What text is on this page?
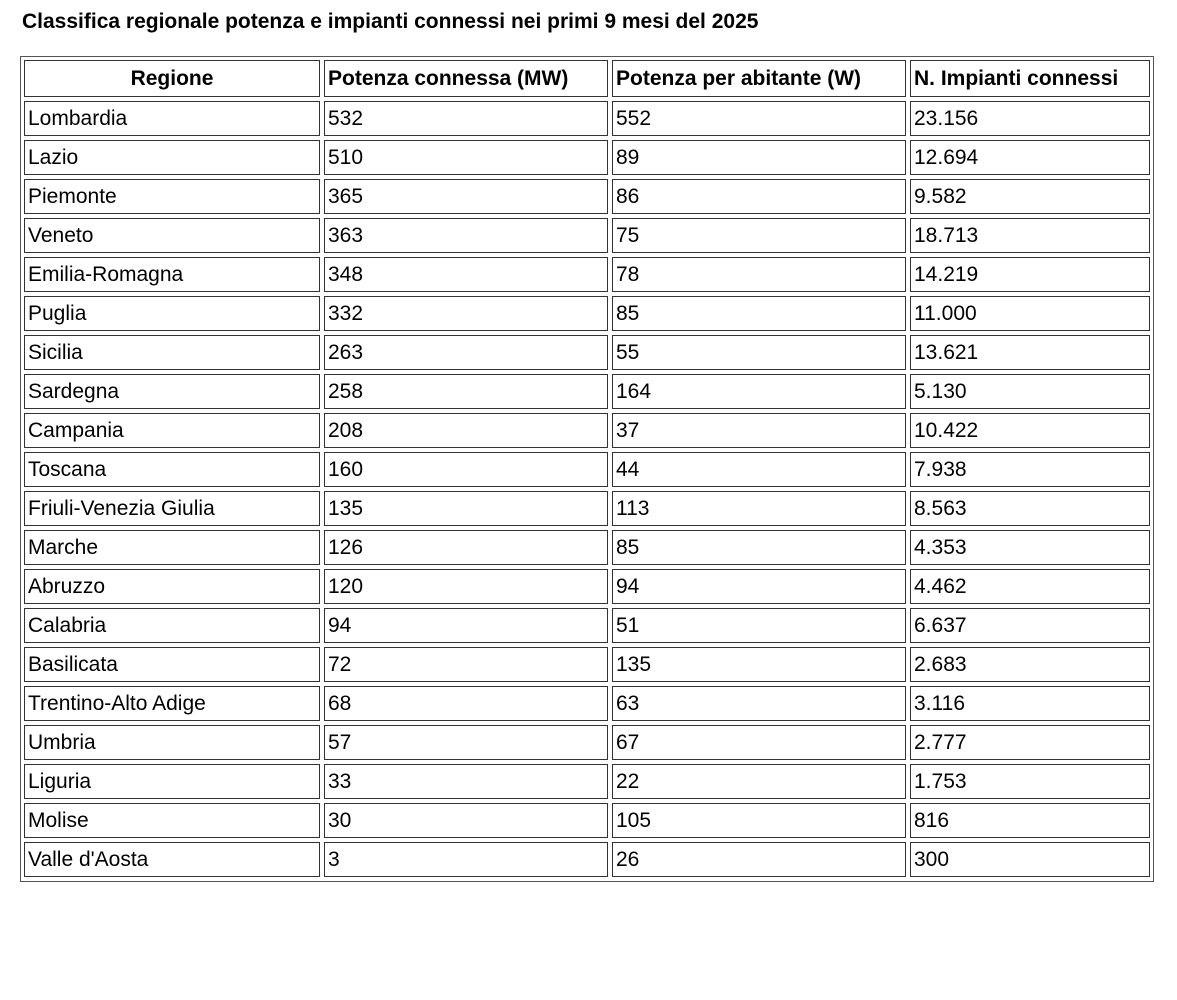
Classifica regionale potenza e impianti connessi nei primi 9 mesi del 2025
Regione	Potenza connessa (MW)	Potenza per abitante (W)	N. Impianti connessi
Lombardia	532	552	23.156
Lazio	510	89	12.694
Piemonte	365	86	9.582
Veneto	363	75	18.713
Emilia-Romagna	348	78	14.219
Puglia	332	85	11.000
Sicilia	263	55	13.621
Sardegna	258	164	5.130
Campania	208	37	10.422
Toscana	160	44	7.938
Friuli-Venezia Giulia	135	113	8.563
Marche	126	85	4.353
Abruzzo	120	94	4.462
Calabria	94	51	6.637
Basilicata	72	135	2.683
Trentino-Alto Adige	68	63	3.116
Umbria	57	67	2.777
Liguria	33	22	1.753
Molise	30	105	816
Valle d'Aosta	3	26	300
